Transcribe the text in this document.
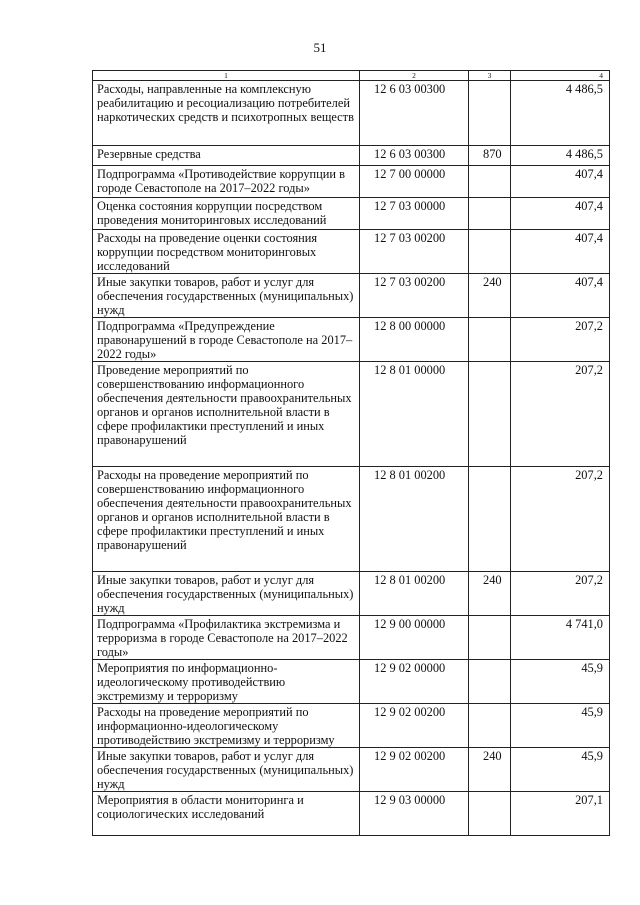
51
1	2	3	4
Расходы, направленные на комплексную реабилитацию и ресоциализацию потребителей наркотических средств и психотропных веществ	12 6 03 00300		4 486,5
Резервные средства	12 6 03 00300	870	4 486,5
Подпрограмма «Противодействие коррупции в городе Севастополе на 2017–2022 годы»	12 7 00 00000		407,4
Оценка состояния коррупции посредством проведения мониторинговых исследований	12 7 03 00000		407,4
Расходы на проведение оценки состояния коррупции посредством мониторинговых исследований	12 7 03 00200		407,4
Иные закупки товаров, работ и услуг для обеспечения государственных (муниципальных) нужд	12 7 03 00200	240	407,4
Подпрограмма «Предупреждение правонарушений в городе Севастополе на 2017–2022 годы»	12 8 00 00000		207,2
Проведение мероприятий по совершенствованию информационного обеспечения деятельности правоохранительных органов и органов исполнительной власти в сфере профилактики преступлений и иных правонарушений	12 8 01 00000		207,2
Расходы на проведение мероприятий по совершенствованию информационного обеспечения деятельности правоохранительных органов и органов исполнительной власти в сфере профилактики преступлений и иных правонарушений	12 8 01 00200		207,2
Иные закупки товаров, работ и услуг для обеспечения государственных (муниципальных) нужд	12 8 01 00200	240	207,2
Подпрограмма «Профилактика экстремизма и терроризма в городе Севастополе на 2017–2022 годы»	12 9 00 00000		4 741,0
Мероприятия по информационно-идеологическому противодействию экстремизму и терроризму	12 9 02 00000		45,9
Расходы на проведение мероприятий по информационно-идеологическому противодействию экстремизму и терроризму	12 9 02 00200		45,9
Иные закупки товаров, работ и услуг для обеспечения государственных (муниципальных) нужд	12 9 02 00200	240	45,9
Мероприятия в области мониторинга и социологических исследований	12 9 03 00000		207,1
